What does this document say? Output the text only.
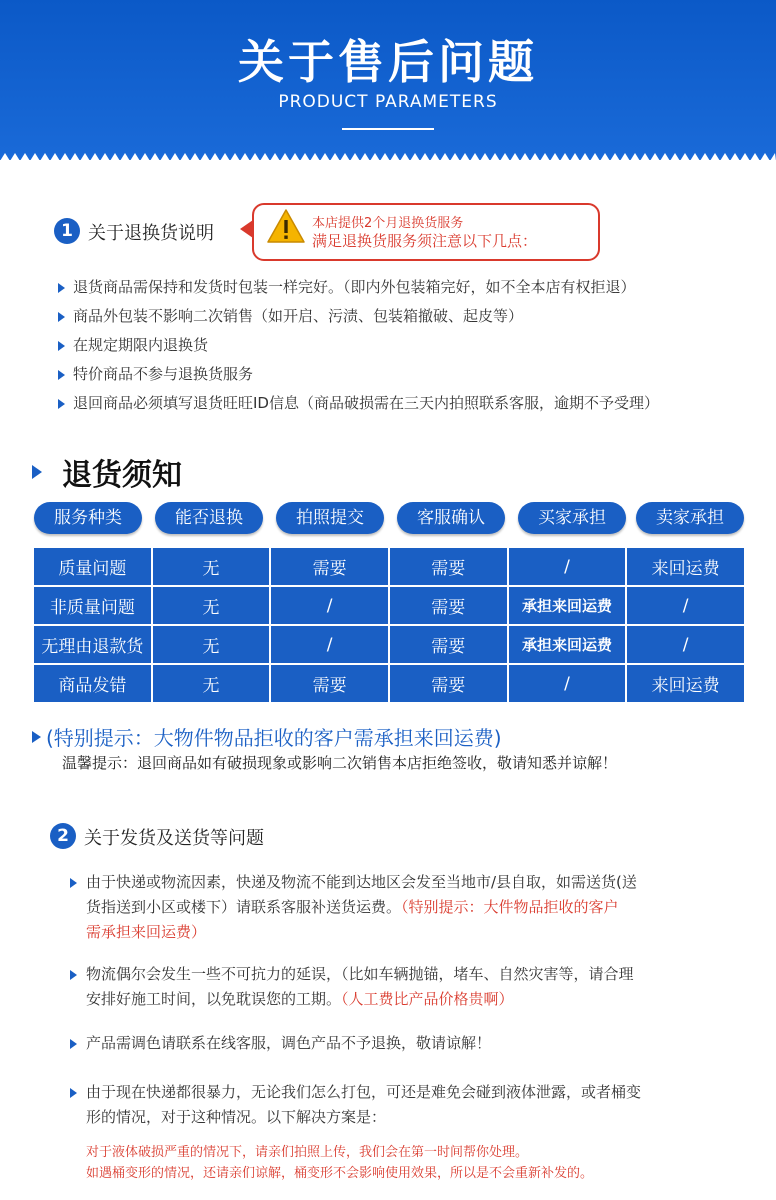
关于售后问题
PRODUCT PARAMETERS
1 关于退换货说明	本店提供2个月退换货服务
满足退换货服务须注意以下几点：
退货商品需保持和发货时包装一样完好。（即内外包装箱完好，如不全本店有权拒退）
商品外包装不影响二次销售（如开启、污渍、包装箱撤破、起皮等）
在规定期限内退换货
特价商品不参与退换货服务
退回商品必须填写退货旺旺ID信息（商品破损需在三天内拍照联系客服，逾期不予受理）
退货须知
服务种类	能否退换	拍照提交	客服确认	买家承担	卖家承担
质量问题	无	需要	需要	/	来回运费
非质量问题	无	/	需要	承担来回运费	/
无理由退款货	无	/	需要	承担来回运费	/
商品发错	无	需要	需要	/	来回运费
(特别提示：大物件物品拒收的客户需承担来回运费)
温馨提示：退回商品如有破损现象或影响二次销售本店拒绝签收，敬请知悉并谅解！
2 关于发货及送货等问题
由于快递或物流因素，快递及物流不能到达地区会发至当地市/县自取，如需送货(送
货指送到小区或楼下）请联系客服补送货运费。（特别提示：大件物品拒收的客户
需承担来回运费）
物流偶尔会发生一些不可抗力的延误，（比如车辆抛锚，堵车、自然灾害等，请合理
安排好施工时间，以免耽误您的工期。（人工费比产品价格贵啊）
产品需调色请联系在线客服，调色产品不予退换，敬请谅解！
由于现在快递都很暴力，无论我们怎么打包，可还是难免会碰到液体泄露，或者桶变
形的情况，对于这种情况。以下解决方案是：
对于液体破损严重的情况下，请亲们拍照上传，我们会在第一时间帮你处理。
如遇桶变形的情况，还请亲们谅解，桶变形不会影响使用效果，所以是不会重新补发的。
